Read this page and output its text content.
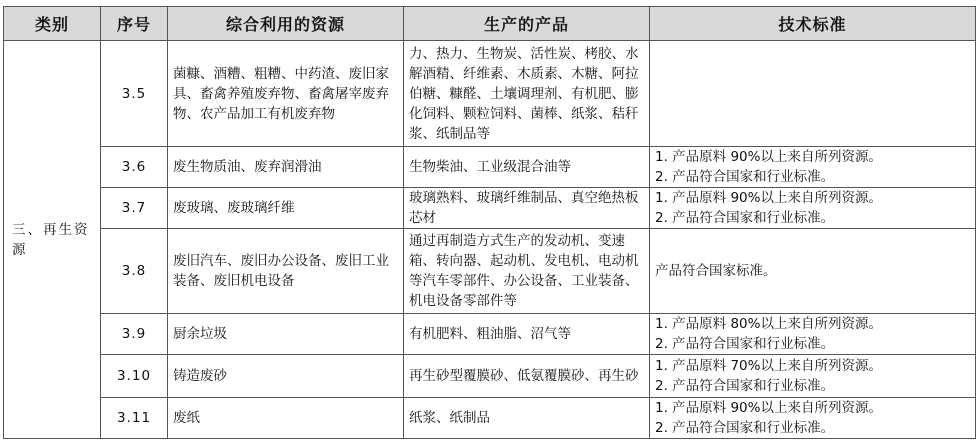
类别	序号	综合利用的资源	生产的产品	技术标准
三、再生资源	3.5	菌糠、酒糟、粗糟、中药渣、废旧家具、畜禽养殖废弃物、畜禽屠宰废弃物、农产品加工有机废弃物	力、热力、生物炭、活性炭、栲胶、水解酒精、纤维素、木质素、木糖、阿拉伯糖、糠醛、土壤调理剂、有机肥、膨化饲料、颗粒饲料、菌棒、纸浆、秸秆浆、纸制品等	

	3.6	废生物质油、废弃润滑油	生物柴油、工业级混合油等	1. 产品原料 90%以上来自所列资源。
2. 产品符合国家和行业标准。

	3.7	废玻璃、废玻璃纤维	玻璃熟料、玻璃纤维制品、真空绝热板芯材	1. 产品原料 90%以上来自所列资源。
2. 产品符合国家和行业标准。

	3.8	废旧汽车、废旧办公设备、废旧工业装备、废旧机电设备	通过再制造方式生产的发动机、变速箱、转向器、起动机、发电机、电动机等汽车零部件、办公设备、工业装备、机电设备零部件等	产品符合国家标准。

	3.9	厨余垃圾	有机肥料、粗油脂、沼气等	1. 产品原料 80%以上来自所列资源。
2. 产品符合国家和行业标准。

	3.10	铸造废砂	再生砂型覆膜砂、低氨覆膜砂、再生砂	1. 产品原料 70%以上来自所列资源。
2. 产品符合国家和行业标准。

	3.11	废纸	纸浆、纸制品	1. 产品原料 90%以上来自所列资源。
2. 产品符合国家和行业标准。
